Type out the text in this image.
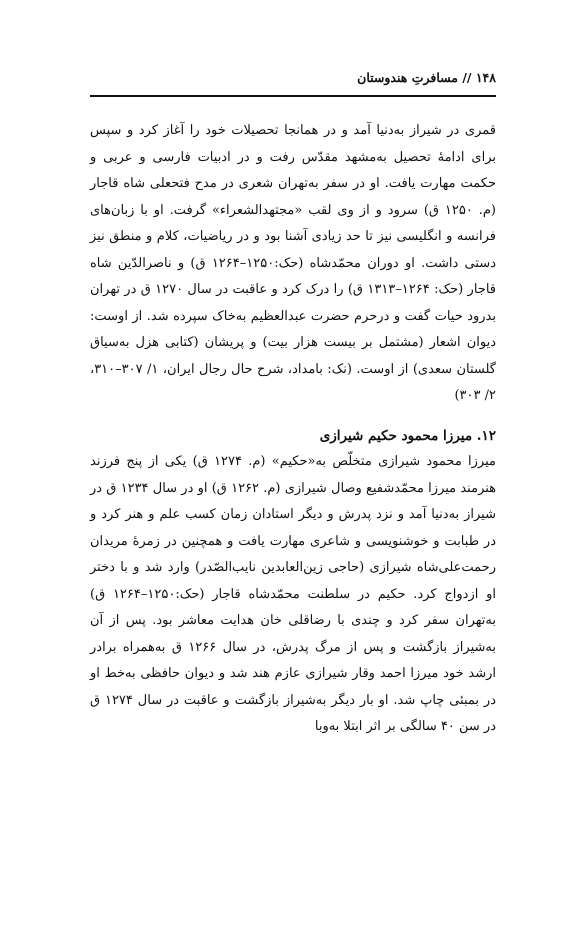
۱۴۸ // مسافرتِ هندوستان

قمری در شیراز به‌دنیا آمد و در همانجا تحصیلات خود را آغاز کرد و سپس برای ادامهٔ تحصیل به‌مشهد مقدّس رفت و در ادبیات فارسی و عربی و حکمت مهارت یافت. او در سفر به‌تهران شعری در مدح فتحعلی شاه قاجار (م. ۱۲۵۰ ق) سرود و از وی لقب «مجتهدالشعراء» گرفت. او با زبان‌های فرانسه و انگلیسی نیز تا حد زیادی آشنا بود و در ریاضیات، کلام و منطق نیز دستی داشت. او دوران محمّدشاه (حک:۱۲۵۰–۱۲۶۴ ق) و ناصرالدّین شاه قاجار (حک: ۱۲۶۴–۱۳۱۳ ق) را درک کرد و عاقبت در سال ۱۲۷۰ ق در تهران بدرود حیات گفت و درحرم حضرت عبدالعظیم به‌خاک سپرده شد. از اوست: دیوان اشعار (مشتمل بر بیست هزار بیت) و پریشان (کتابی هزل به‌سیاق گلستان سعدی) از اوست. (نک: بامداد، شرح حال رجال ایران، ۱/ ۳۰۷–۳۱۰، ۲/ ۳۰۳)

۱۲. میرزا محمود حکیم شیرازی

میرزا محمود شیرازی متخلّص به«حکیم» (م. ۱۲۷۴ ق) یکی از پنج فرزند هنرمند میرزا محمّدشفیع وصال شیرازی (م. ۱۲۶۲ ق) او در سال ۱۲۳۴ ق در شیراز به‌دنیا آمد و نزد پدرش و دیگر استادان زمان کسب علم و هنر کرد و در طبابت و خوشنویسی و شاعری مهارت یافت و همچنین در زمرهٔ مریدان رحمت‌علی‌شاه شیرازی (حاجی زین‌العابدین نایب‌الصّدر) وارد شد و با دختر او ازدواج کرد. حکیم در سلطنت محمّدشاه قاجار (حک:۱۲۵۰–۱۲۶۴ ق) به‌تهران سفر کرد و چندی با رضاقلی خان هدایت معاشر بود. پس از آن به‌شیراز بازگشت و پس از مرگ پدرش، در سال ۱۲۶۶ ق به‌همراه برادر ارشد خود میرزا احمد وقار شیرازی عازم هند شد و دیوان حافظی به‌خط او در بمبئی چاپ شد. او بار دیگر به‌شیراز بازگشت و عاقبت در سال ۱۲۷۴ ق در سن ۴۰ سالگی بر اثر ابتلا به‌وبا
